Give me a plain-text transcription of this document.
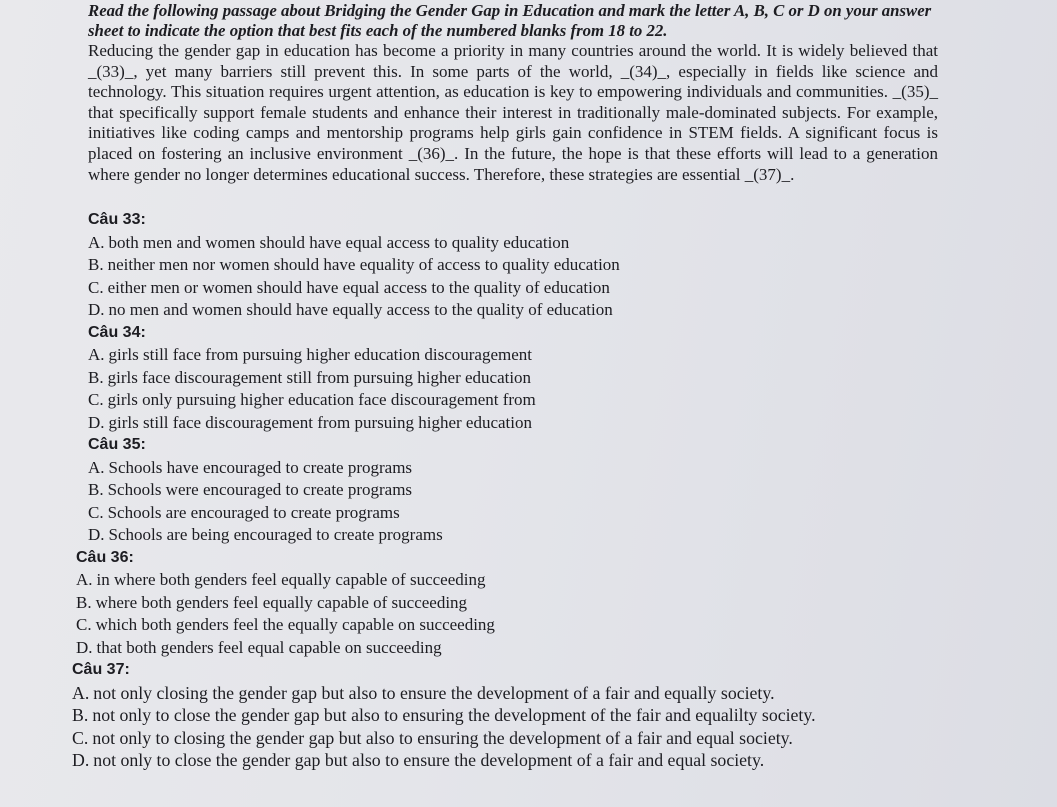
Read the following passage about Bridging the Gender Gap in Education and mark the letter A, B, C or D on your answer sheet to indicate the option that best fits each of the numbered blanks from 18 to 22.

Reducing the gender gap in education has become a priority in many countries around the world. It is widely believed that _(33)_, yet many barriers still prevent this. In some parts of the world, _(34)_, especially in fields like science and technology. This situation requires urgent attention, as education is key to empowering individuals and communities. _(35)_ that specifically support female students and enhance their interest in traditionally male-dominated subjects. For example, initiatives like coding camps and mentorship programs help girls gain confidence in STEM fields. A significant focus is placed on fostering an inclusive environment _(36)_. In the future, the hope is that these efforts will lead to a generation where gender no longer determines educational success. Therefore, these strategies are essential _(37)_.

Câu 33:
A. both men and women should have equal access to quality education
B. neither men nor women should have equality of access to quality education
C. either men or women should have equal access to the quality of education
D. no men and women should have equally access to the quality of education
Câu 34:
A. girls still face from pursuing higher education discouragement
B. girls face discouragement still from pursuing higher education
C. girls only pursuing higher education face discouragement from
D. girls still face discouragement from pursuing higher education
Câu 35:
A. Schools have encouraged to create programs
B. Schools were encouraged to create programs
C. Schools are encouraged to create programs
D. Schools are being encouraged to create programs
Câu 36:
A. in where both genders feel equally capable of succeeding
B. where both genders feel equally capable of succeeding
C. which both genders feel the equally capable on succeeding
D. that both genders feel equal capable on succeeding
Câu 37:
A. not only closing the gender gap but also to ensure the development of a fair and equally society.
B. not only to close the gender gap but also to ensuring the development of the fair and equalilty society.
C. not only to closing the gender gap but also to ensuring the development of a fair and equal society.
D. not only to close the gender gap but also to ensure the development of a fair and equal society.
